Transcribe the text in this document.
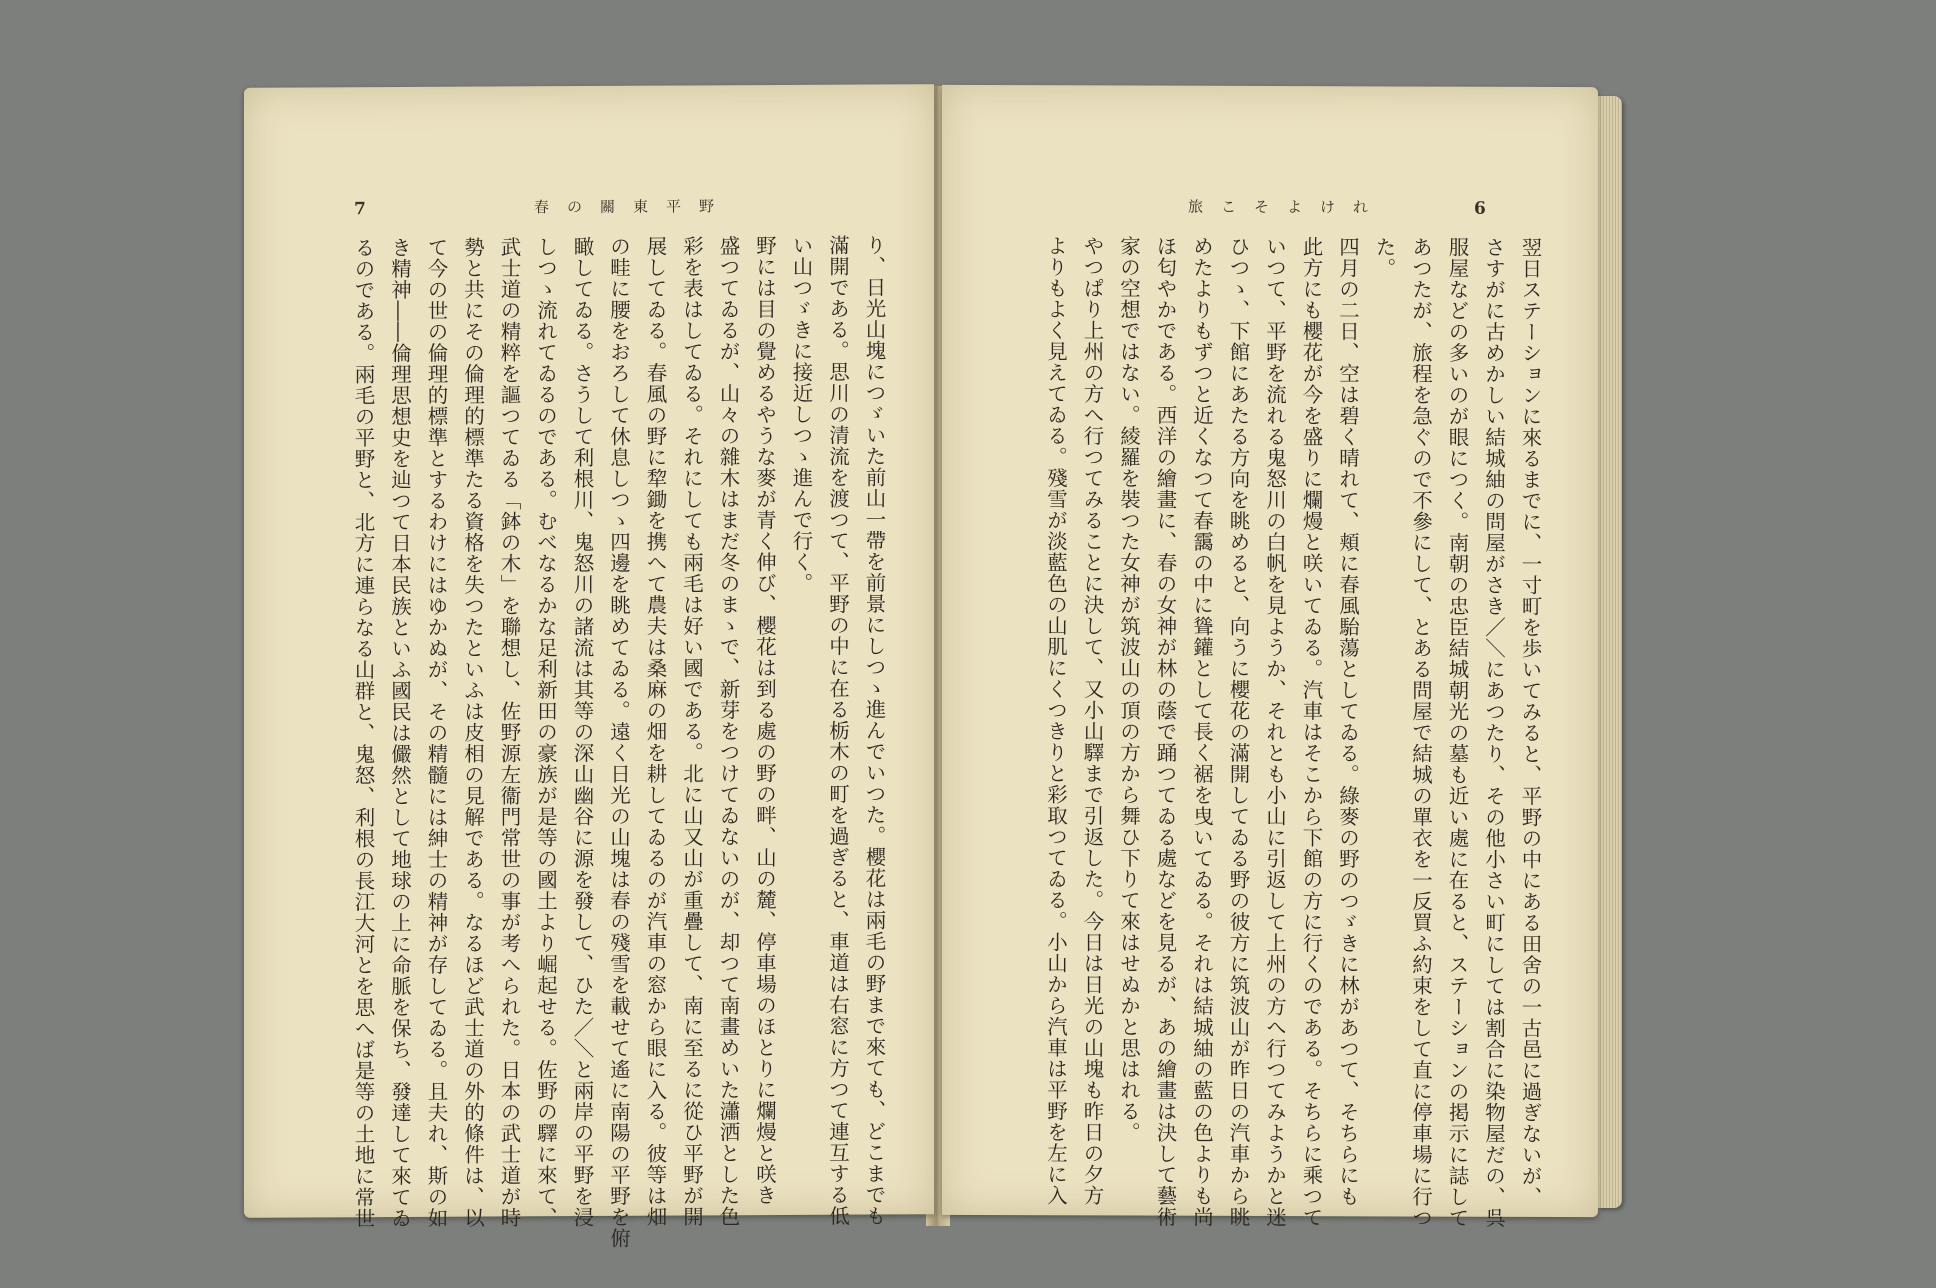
7	春の關東平野
り、日光山塊につゞいた前山一帶を前景にしつゝ進んでいつた。櫻花は兩毛の野まで來ても、どこまでも
滿開である。思川の清流を渡つて、平野の中に在る栃木の町を過ぎると、車道は右窓に方つて連互する低
い山つゞきに接近しつゝ進んで行く。
野には目の覺めるやうな麥が青く伸び、櫻花は到る處の野の畔、山の麓、停車場のほとりに爛熳と咲き
盛つてゐるが、山々の雜木はまだ冬のまゝで、新芽をつけてゐないのが、却つて南畫めいた瀟洒とした色
彩を表はしてゐる。それにしても兩毛は好い國である。北に山又山が重疊して、南に至るに從ひ平野が開
展してゐる。春風の野に犂鋤を携へて農夫は桑麻の畑を耕してゐるのが汽車の窓から眼に入る。彼等は畑
の畦に腰をおろして休息しつゝ四邊を眺めてゐる。遠く日光の山塊は春の殘雪を載せて遙に南陽の平野を俯
瞰してゐる。さうして利根川、鬼怒川の諸流は其等の深山幽谷に源を發して、ひた／＼と兩岸の平野を浸
しつゝ流れてゐるのである。むべなるかな足利新田の豪族が是等の國土より崛起せる。佐野の驛に來て、
武士道の精粹を謳つてゐる「鉢の木」を聯想し、佐野源左衞門常世の事が考へられた。日本の武士道が時
勢と共にその倫理的標準たる資格を失つたといふは皮相の見解である。なるほど武士道の外的條件は、以
て今の世の倫理的標準とするわけにはゆかぬが、その精髓には紳士の精神が存してゐる。且夫れ、斯の如
き精神――倫理思想史を辿つて日本民族といふ國民は儼然として地球の上に命脈を保ち、發達して來てゐ
るのである。兩毛の平野と、北方に連らなる山群と、鬼怒、利根の長江大河とを思へば是等の土地に常世
旅こそよけれ	6
翌日ステーションに來るまでに、一寸町を歩いてみると、平野の中にある田舍の一古邑に過ぎないが、
さすがに古めかしい結城紬の問屋がさき／＼にあつたり、その他小さい町にしては割合に染物屋だの、呉
服屋などの多いのが眼につく。南朝の忠臣結城朝光の墓も近い處に在ると、ステーションの掲示に誌して
あつたが、旅程を急ぐので不參にして、とある問屋で結城の單衣を一反買ふ約束をして直に停車場に行つ
た。
四月の二日、空は碧く晴れて、頬に春風駘蕩としてゐる。綠麥の野のつゞきに林があつて、そちらにも
此方にも櫻花が今を盛りに爛熳と咲いてゐる。汽車はそこから下館の方に行くのである。そちらに乘つて
いつて、平野を流れる鬼怒川の白帆を見ようか、それとも小山に引返して上州の方へ行つてみようかと迷
ひつゝ、下館にあたる方向を眺めると、向うに櫻花の滿開してゐる野の彼方に筑波山が昨日の汽車から眺
めたよりもずつと近くなつて春靄の中に聳鑵として長く裾を曳いてゐる。それは結城紬の藍の色よりも尚
ほ匂やかである。西洋の繪畫に、春の女神が林の蔭で踊つてゐる處などを見るが、あの繪畫は決して藝術
家の空想ではない。綾羅を裝つた女神が筑波山の頂の方から舞ひ下りて來はせぬかと思はれる。
やつぱり上州の方へ行つてみることに決して、又小山驛まで引返した。今日は日光の山塊も昨日の夕方
よりもよく見えてゐる。殘雪が淡藍色の山肌にくつきりと彩取つてゐる。小山から汽車は平野を左に入
